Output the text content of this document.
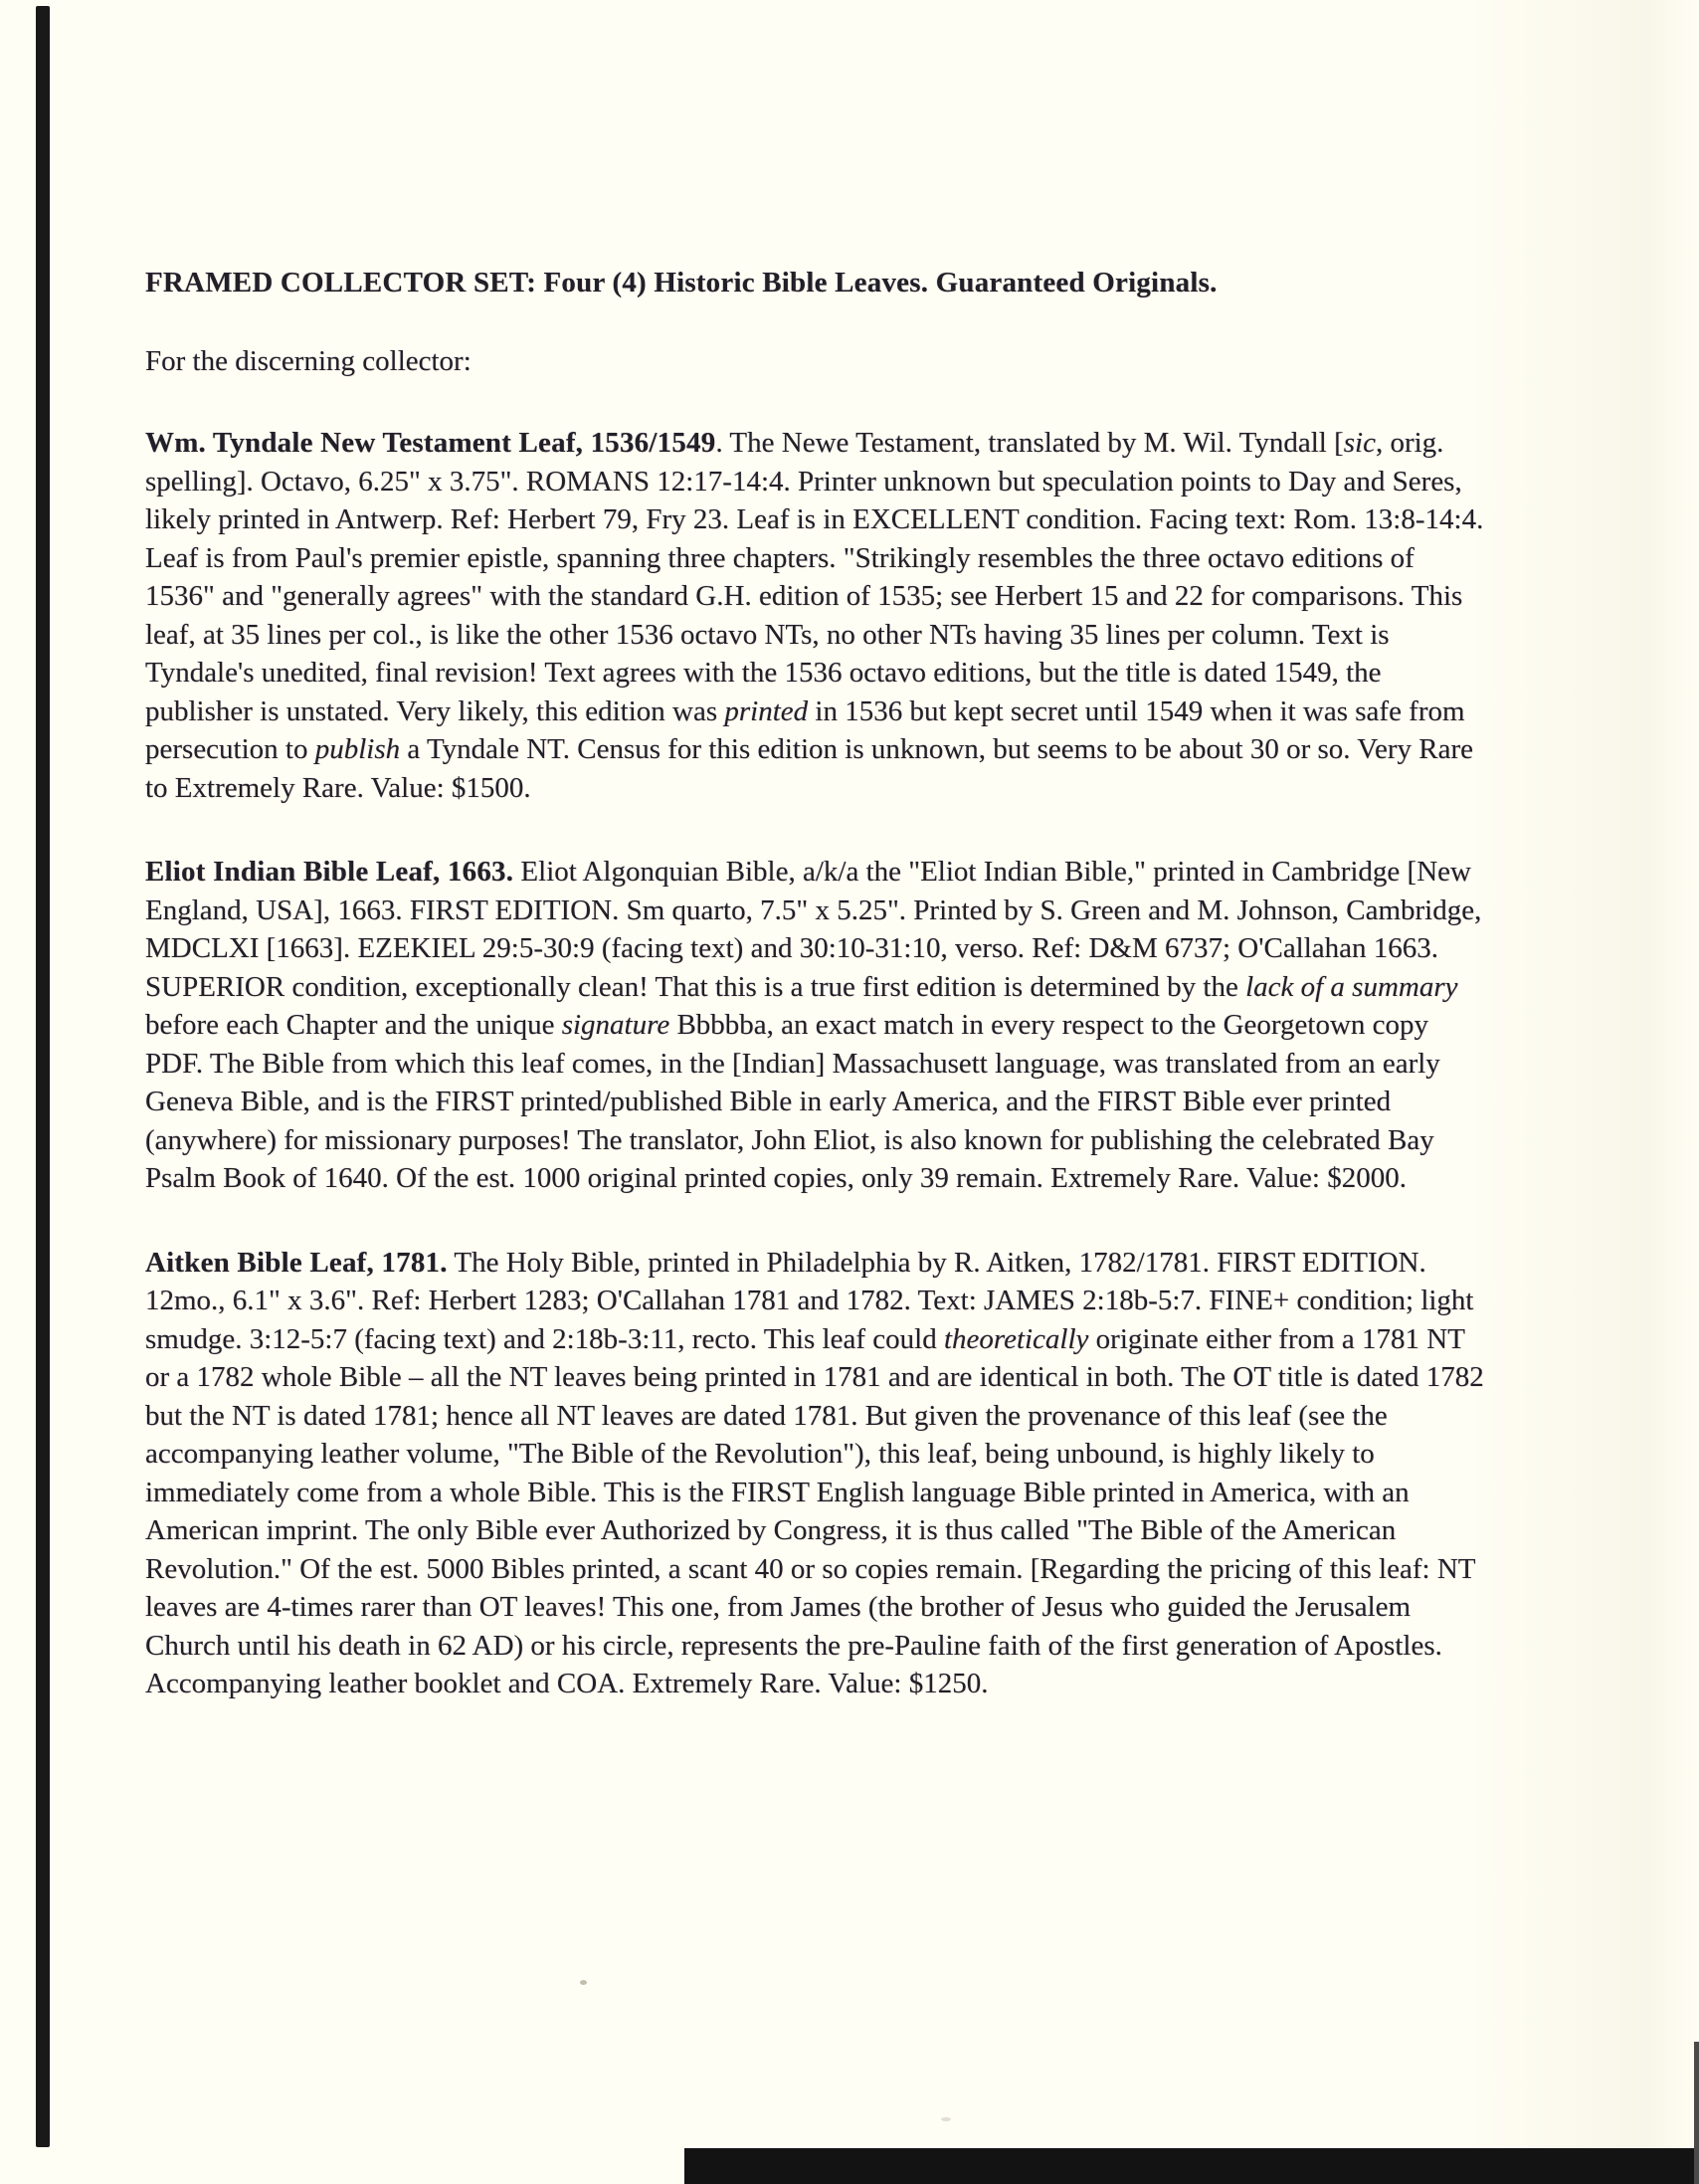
FRAMED COLLECTOR SET: Four (4) Historic Bible Leaves. Guaranteed Originals.

For the discerning collector:

Wm. Tyndale New Testament Leaf, 1536/1549. The Newe Testament, translated by M. Wil. Tyndall [sic, orig. spelling]. Octavo, 6.25" x 3.75". ROMANS 12:17-14:4. Printer unknown but speculation points to Day and Seres, likely printed in Antwerp. Ref: Herbert 79, Fry 23. Leaf is in EXCELLENT condition. Facing text: Rom. 13:8-14:4. Leaf is from Paul's premier epistle, spanning three chapters. "Strikingly resembles the three octavo editions of 1536" and "generally agrees" with the standard G.H. edition of 1535; see Herbert 15 and 22 for comparisons. This leaf, at 35 lines per col., is like the other 1536 octavo NTs, no other NTs having 35 lines per column. Text is Tyndale's unedited, final revision! Text agrees with the 1536 octavo editions, but the title is dated 1549, the publisher is unstated. Very likely, this edition was printed in 1536 but kept secret until 1549 when it was safe from persecution to publish a Tyndale NT. Census for this edition is unknown, but seems to be about 30 or so. Very Rare to Extremely Rare. Value: $1500.

Eliot Indian Bible Leaf, 1663. Eliot Algonquian Bible, a/k/a the "Eliot Indian Bible," printed in Cambridge [New England, USA], 1663. FIRST EDITION. Sm quarto, 7.5" x 5.25". Printed by S. Green and M. Johnson, Cambridge, MDCLXI [1663]. EZEKIEL 29:5-30:9 (facing text) and 30:10-31:10, verso. Ref: D&M 6737; O'Callahan 1663. SUPERIOR condition, exceptionally clean! That this is a true first edition is determined by the lack of a summary before each Chapter and the unique signature Bbbbba, an exact match in every respect to the Georgetown copy PDF. The Bible from which this leaf comes, in the [Indian] Massachusett language, was translated from an early Geneva Bible, and is the FIRST printed/published Bible in early America, and the FIRST Bible ever printed (anywhere) for missionary purposes! The translator, John Eliot, is also known for publishing the celebrated Bay Psalm Book of 1640. Of the est. 1000 original printed copies, only 39 remain. Extremely Rare. Value: $2000.

Aitken Bible Leaf, 1781. The Holy Bible, printed in Philadelphia by R. Aitken, 1782/1781. FIRST EDITION. 12mo., 6.1" x 3.6". Ref: Herbert 1283; O'Callahan 1781 and 1782. Text: JAMES 2:18b-5:7. FINE+ condition; light smudge. 3:12-5:7 (facing text) and 2:18b-3:11, recto. This leaf could theoretically originate either from a 1781 NT or a 1782 whole Bible – all the NT leaves being printed in 1781 and are identical in both. The OT title is dated 1782 but the NT is dated 1781; hence all NT leaves are dated 1781. But given the provenance of this leaf (see the accompanying leather volume, "The Bible of the Revolution"), this leaf, being unbound, is highly likely to immediately come from a whole Bible. This is the FIRST English language Bible printed in America, with an American imprint. The only Bible ever Authorized by Congress, it is thus called "The Bible of the American Revolution." Of the est. 5000 Bibles printed, a scant 40 or so copies remain. [Regarding the pricing of this leaf: NT leaves are 4-times rarer than OT leaves! This one, from James (the brother of Jesus who guided the Jerusalem Church until his death in 62 AD) or his circle, represents the pre-Pauline faith of the first generation of Apostles. Accompanying leather booklet and COA. Extremely Rare. Value: $1250.
